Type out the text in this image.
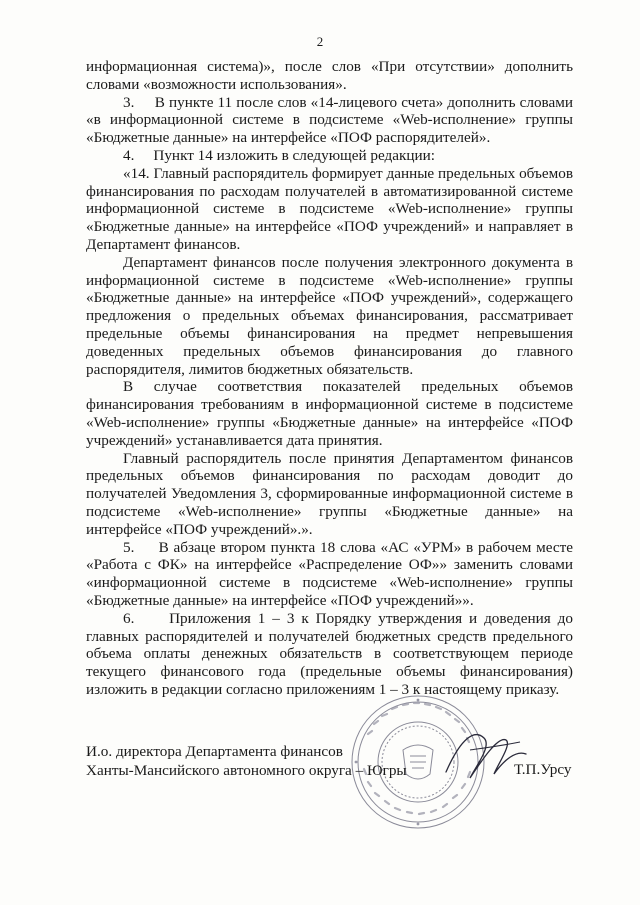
2

информационная система)», после слов «При отсутствии» дополнить словами «возможности использования».

3.     В пункте 11 после слов «14-лицевого счета» дополнить словами «в информационной системе в подсистеме «Web-исполнение» группы «Бюджетные данные» на интерфейсе «ПОФ распорядителей».

4.     Пункт 14 изложить в следующей редакции:

«14. Главный распорядитель формирует данные предельных объемов финансирования по расходам получателей в автоматизированной системе информационной системе в подсистеме «Web-исполнение» группы «Бюджетные данные» на интерфейсе «ПОФ учреждений» и направляет в Департамент финансов.

Департамент финансов после получения электронного документа в информационной системе в подсистеме «Web-исполнение» группы «Бюджетные данные» на интерфейсе «ПОФ учреждений», содержащего предложения о предельных объемах финансирования, рассматривает предельные объемы финансирования на предмет непревышения доведенных предельных объемов финансирования до главного распорядителя, лимитов бюджетных обязательств.

В случае соответствия показателей предельных объемов финансирования требованиям в информационной системе в подсистеме «Web-исполнение» группы «Бюджетные данные» на интерфейсе «ПОФ учреждений» устанавливается дата принятия.

Главный распорядитель после принятия Департаментом финансов предельных объемов финансирования по расходам доводит до получателей Уведомления 3, сформированные информационной системе в подсистеме «Web-исполнение» группы «Бюджетные данные» на интерфейсе «ПОФ учреждений».».

5.     В абзаце втором пункта 18 слова «АС «УРМ» в рабочем месте «Работа с ФК» на интерфейсе «Распределение ОФ»» заменить словами «информационной системе в подсистеме «Web-исполнение» группы «Бюджетные данные» на интерфейсе «ПОФ учреждений»».

6.     Приложения 1 – 3 к Порядку утверждения и доведения до главных распорядителей и получателей бюджетных средств предельного объема оплаты денежных обязательств в соответствующем периоде текущего финансового года (предельные объемы финансирования) изложить в редакции согласно приложениям 1 – 3 к настоящему приказу.

И.о. директора Департамента финансов
Ханты-Мансийского автономного округа – Югры	Т.П.Урсу
